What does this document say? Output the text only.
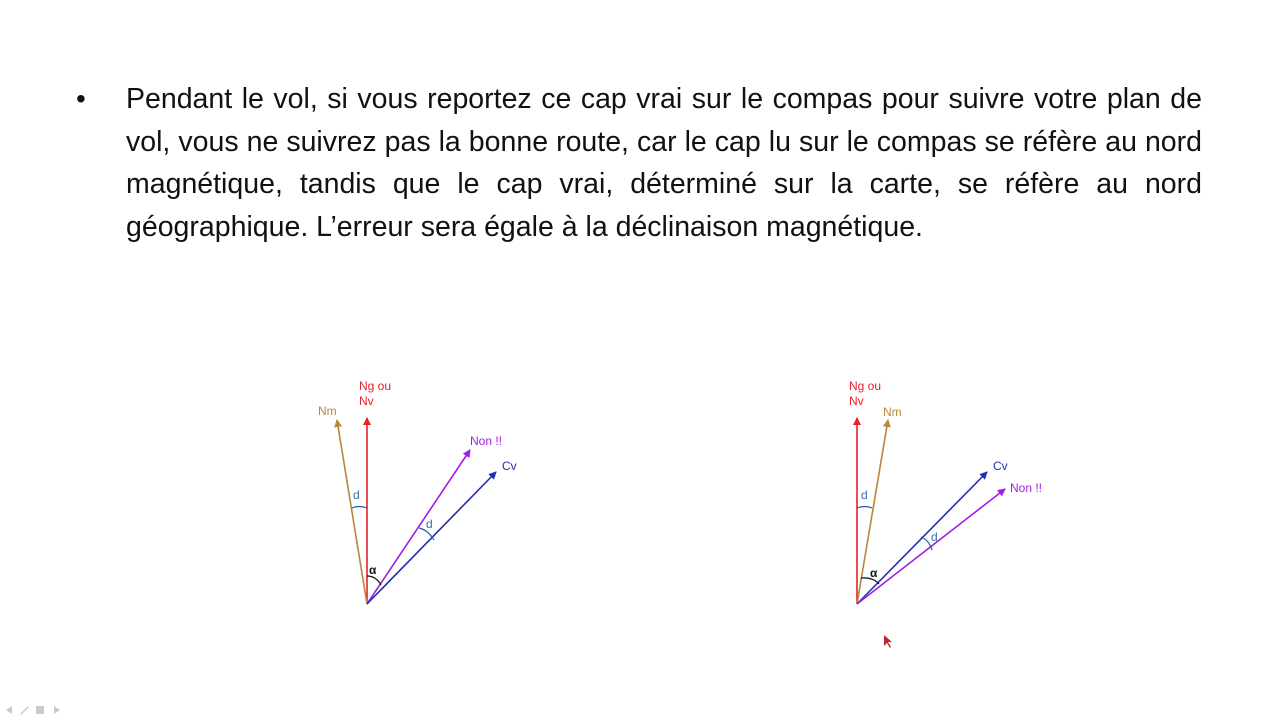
• Pendant le vol, si vous reportez ce cap vrai sur le compas pour suivre votre plan de vol, vous ne suivrez pas la bonne route, car le cap lu sur le compas se réfère au nord magnétique, tandis que le cap vrai, déterminé sur la carte, se réfère au nord géographique. L’erreur sera égale à la déclinaison magnétique.
Ng ou
Nv
Nm
Non !!
Cv
d
d
α
Ng ou
Nv
Nm
Cv
Non !!
d
d
α
